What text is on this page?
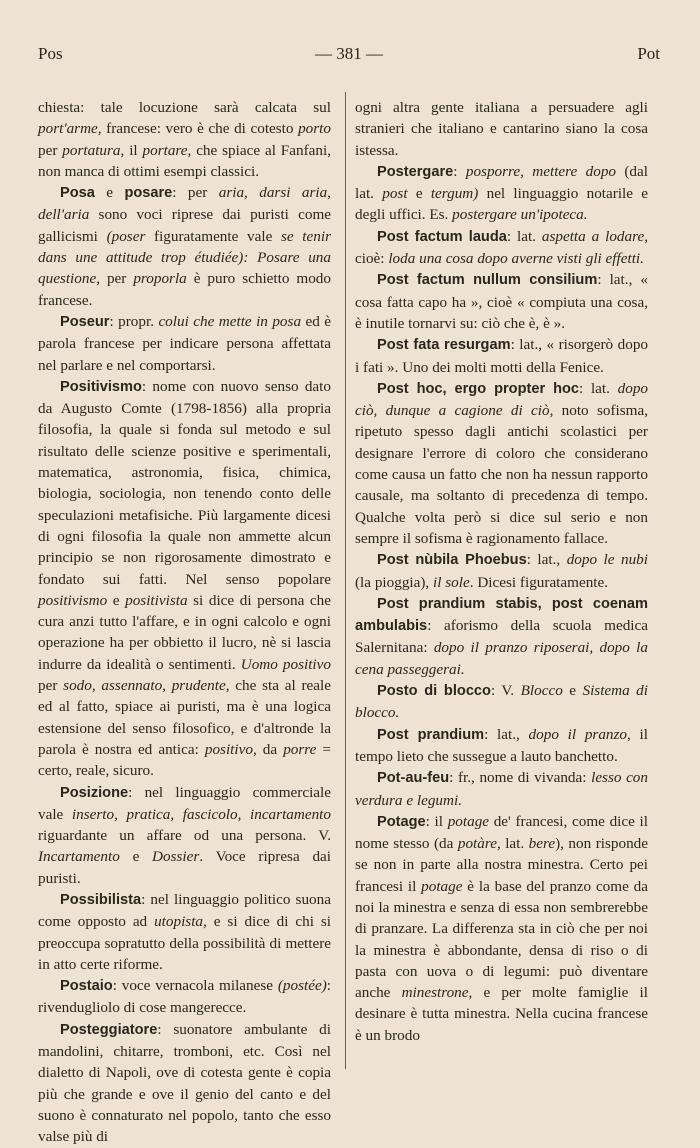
Pos	— 381 —	Pot

chiesta: tale locuzione sarà calcata sul port'arme, francese: vero è che di cotesto porto per portatura, il portare, che spiace al Fanfani, non manca di ottimi esempi classici.

Posa e posare: per aria, darsi aria, dell'aria sono voci riprese dai puristi come gallicismi (poser figuratamente vale se tenir dans une attitude trop étudiée): Posare una questione, per proporla è puro schietto modo francese.

Poseur: propr. colui che mette in posa ed è parola francese per indicare persona affettata nel parlare e nel comportarsi.

Positivismo: nome con nuovo senso dato da Augusto Comte (1798-1856) alla propria filosofia, la quale si fonda sul metodo e sul risultato delle scienze positive e sperimentali, matematica, astronomia, fisica, chimica, biologia, sociologia, non tenendo conto delle speculazioni metafisiche. Più largamente dicesi di ogni filosofia la quale non ammette alcun principio se non rigorosamente dimostrato e fondato sui fatti. Nel senso popolare positivismo e positivista si dice di persona che cura anzi tutto l'affare, e in ogni calcolo e ogni operazione ha per obbietto il lucro, nè si lascia indurre da idealità o sentimenti. Uomo positivo per sodo, assennato, prudente, che sta al reale ed al fatto, spiace ai puristi, ma è una logica estensione del senso filosofico, e d'altronde la parola è nostra ed antica: positivo, da porre = certo, reale, sicuro.

Posizione: nel linguaggio commerciale vale inserto, pratica, fascicolo, incartamento riguardante un affare od una persona. V. Incartamento e Dossier. Voce ripresa dai puristi.

Possibilista: nel linguaggio politico suona come opposto ad utopista, e si dice di chi si preoccupa sopratutto della possibilità di mettere in atto certe riforme.

Postaio: voce vernacola milanese (postée): rivendugliolo di cose mangerecce.

Posteggiatore: suonatore ambulante di mandolini, chitarre, tromboni, etc. Così nel dialetto di Napoli, ove di cotesta gente è copia più che grande e ove il genio del canto e del suono è connaturato nel popolo, tanto che esso valse più di

ogni altra gente italiana a persuadere agli stranieri che italiano e cantarino siano la cosa istessa.

Postergare: posporre, mettere dopo (dal lat. post e tergum) nel linguaggio notarile e degli uffici. Es. postergare un'ipoteca.

Post factum lauda: lat. aspetta a lodare, cioè: loda una cosa dopo averne visti gli effetti.

Post factum nullum consilium: lat., « cosa fatta capo ha », cioè « compiuta una cosa, è inutile tornarvi su: ciò che è, è ».

Post fata resurgam: lat., « risorgerò dopo i fati ». Uno dei molti motti della Fenice.

Post hoc, ergo propter hoc: lat. dopo ciò, dunque a cagione di ciò, noto sofisma, ripetuto spesso dagli antichi scolastici per designare l'errore di coloro che considerano come causa un fatto che non ha nessun rapporto causale, ma soltanto di precedenza di tempo. Qualche volta però si dice sul serio e non sempre il sofisma è ragionamento fallace.

Post nùbila Phoebus: lat., dopo le nubi (la pioggia), il sole. Dicesi figuratamente.

Post prandium stabis, post coenam ambulabis: aforismo della scuola medica Salernitana: dopo il pranzo riposerai, dopo la cena passeggerai.

Posto di blocco: V. Blocco e Sistema di blocco.

Post prandium: lat., dopo il pranzo, il tempo lieto che sussegue a lauto banchetto.

Pot-au-feu: fr., nome di vivanda: lesso con verdura e legumi.

Potage: il potage de' francesi, come dice il nome stesso (da potàre, lat. bere), non risponde se non in parte alla nostra minestra. Certo pei francesi il potage è la base del pranzo come da noi la minestra e senza di essa non sembrerebbe di pranzare. La differenza sta in ciò che per noi la minestra è abbondante, densa di riso o di pasta con uova o di legumi: può diventare anche minestrone, e per molte famiglie il desinare è tutta minestra. Nella cucina francese è un brodo
